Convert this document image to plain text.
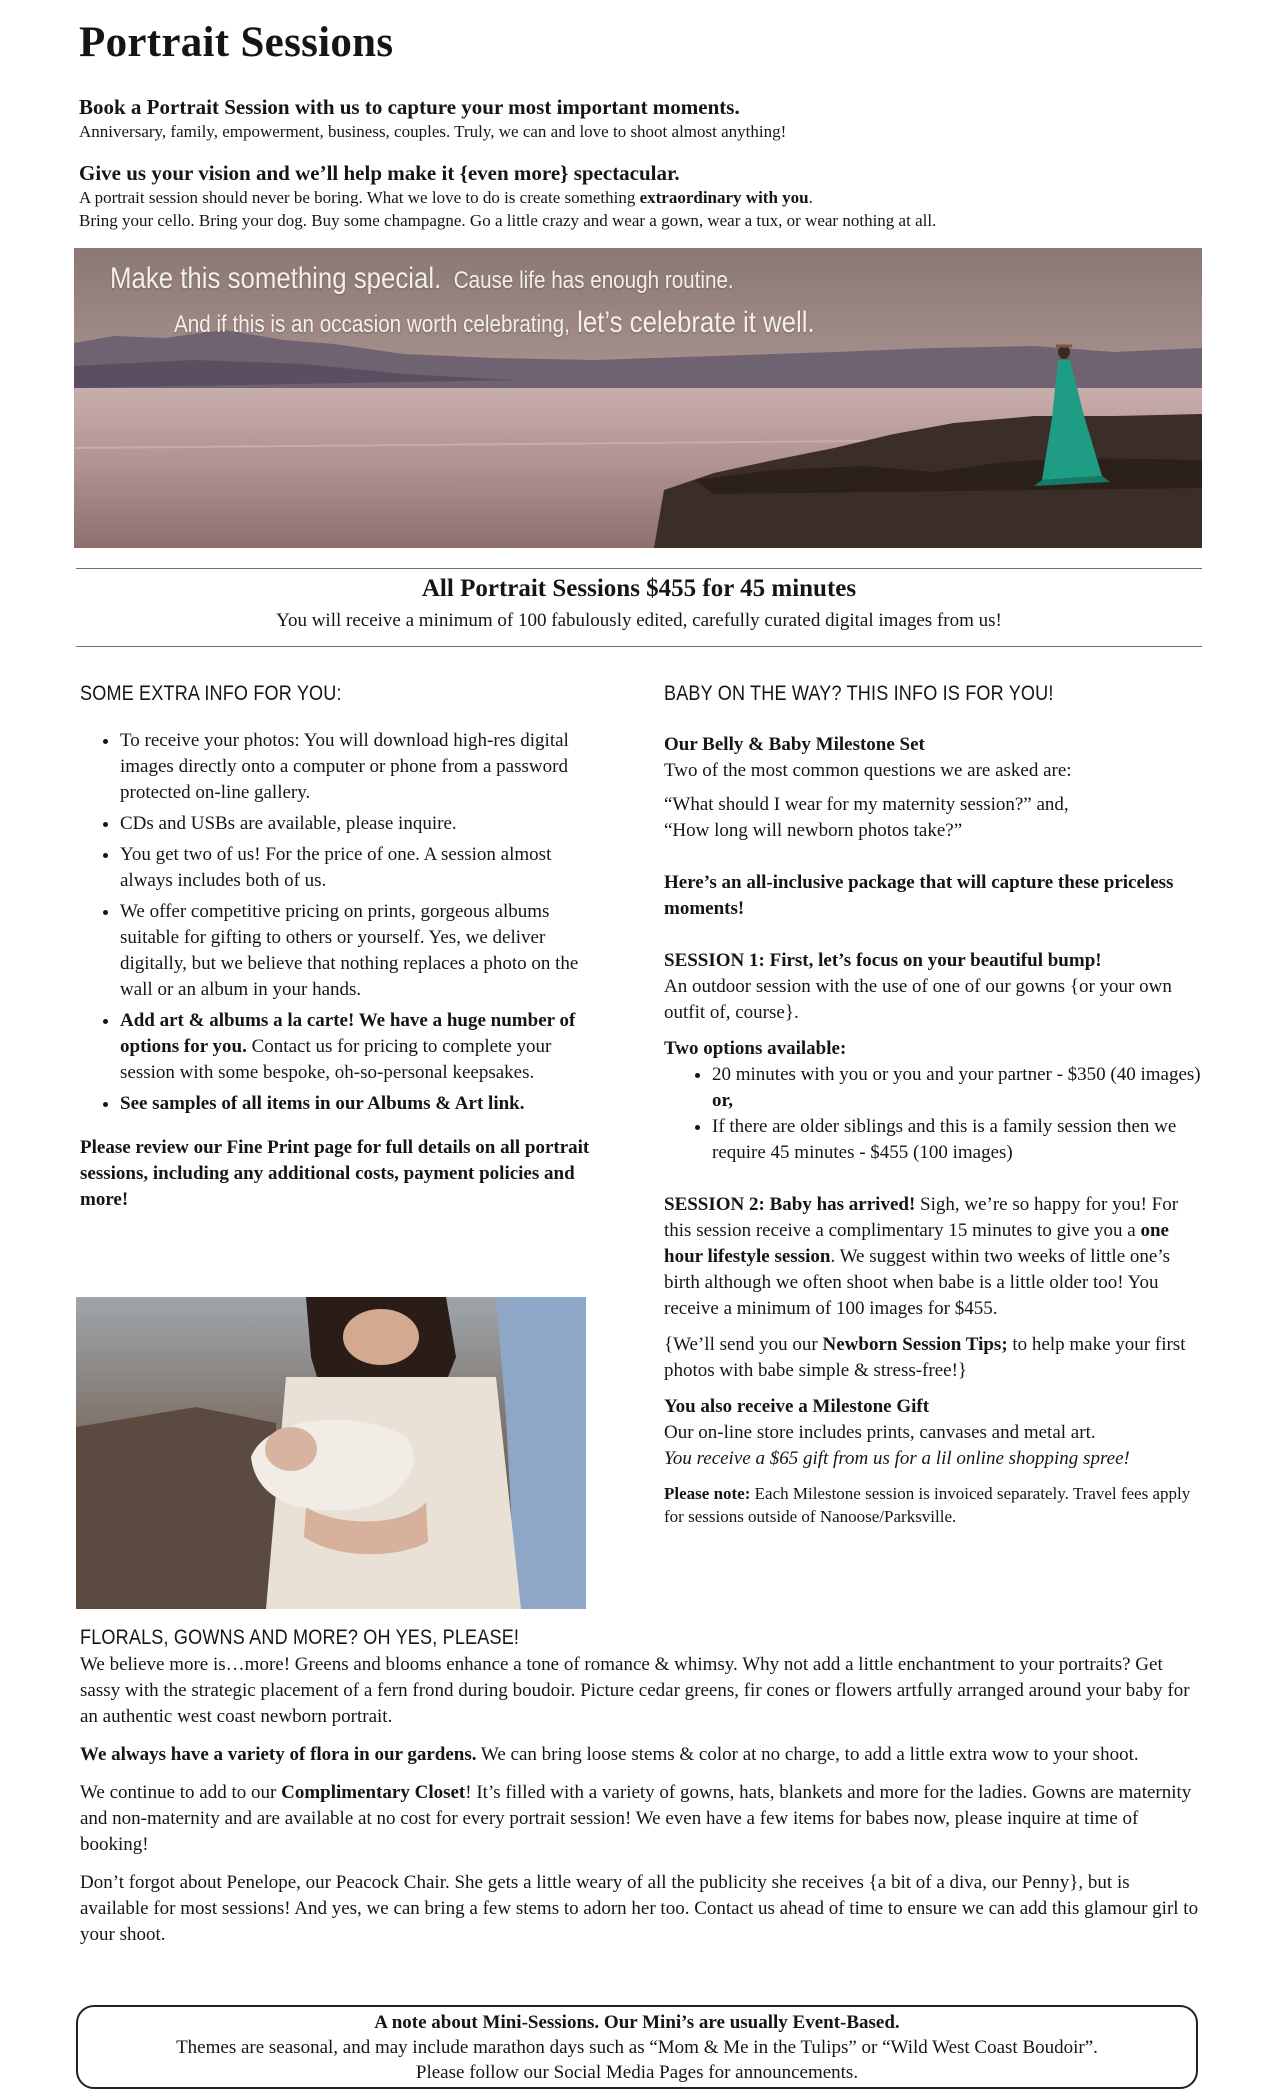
Portrait Sessions

Book a Portrait Session with us to capture your most important moments.

Anniversary, family, empowerment, business, couples. Truly, we can and love to shoot almost anything!

Give us your vision and we’ll help make it {even more} spectacular.

A portrait session should never be boring. What we love to do is create something extraordinary with you.

Bring your cello. Bring your dog. Buy some champagne. Go a little crazy and wear a gown, wear a tux, or wear nothing at all.

Make this something special. Cause life has enough routine.
And if this is an occasion worth celebrating, let’s celebrate it well.
All Portrait Sessions $455 for 45 minutes
You will receive a minimum of 100 fabulously edited, carefully curated digital images from us!
SOME EXTRA INFO FOR YOU:
• To receive your photos: You will download high-res digital images directly onto a computer or phone from a password protected on-line gallery.
• CDs and USBs are available, please inquire.
• You get two of us! For the price of one. A session almost always includes both of us.
• We offer competitive pricing on prints, gorgeous albums suitable for gifting to others or yourself. Yes, we deliver digitally, but we believe that nothing replaces a photo on the wall or an album in your hands.
• Add art & albums a la carte! We have a huge number of options for you. Contact us for pricing to complete your session with some bespoke, oh-so-personal keepsakes.
• See samples of all items in our Albums & Art link.

Please review our Fine Print page for full details on all portrait sessions, including any additional costs, payment policies and more!

BABY ON THE WAY? THIS INFO IS FOR YOU!

Our Belly & Baby Milestone Set

Two of the most common questions we are asked are:

“What should I wear for my maternity session?” and,

“How long will newborn photos take?”

Here’s an all-inclusive package that will capture these priceless moments!

SESSION 1: First, let’s focus on your beautiful bump!

An outdoor session with the use of one of our gowns {or your own outfit of, course}.

Two options available:

• 20 minutes with you or you and your partner - $350 (40 images) or,
• If there are older siblings and this is a family session then we require 45 minutes - $455 (100 images)

SESSION 2: Baby has arrived! Sigh, we’re so happy for you! For this session receive a complimentary 15 minutes to give you a one hour lifestyle session. We suggest within two weeks of little one’s birth although we often shoot when babe is a little older too! You receive a minimum of 100 images for $455.

{We’ll send you our Newborn Session Tips; to help make your first photos with babe simple & stress-free!}

You also receive a Milestone Gift

Our on-line store includes prints, canvases and metal art.

You receive a $65 gift from us for a lil online shopping spree!

Please note: Each Milestone session is invoiced separately. Travel fees apply for sessions outside of Nanoose/Parksville.

FLORALS, GOWNS AND MORE? OH YES, PLEASE!

We believe more is…more! Greens and blooms enhance a tone of romance & whimsy. Why not add a little enchantment to your portraits? Get sassy with the strategic placement of a fern frond during boudoir. Picture cedar greens, fir cones or flowers artfully arranged around your baby for an authentic west coast newborn portrait.

We always have a variety of flora in our gardens. We can bring loose stems & color at no charge, to add a little extra wow to your shoot.

We continue to add to our Complimentary Closet! It’s filled with a variety of gowns, hats, blankets and more for the ladies. Gowns are maternity and non-maternity and are available at no cost for every portrait session! We even have a few items for babes now, please inquire at time of booking!

Don’t forgot about Penelope, our Peacock Chair. She gets a little weary of all the publicity she receives {a bit of a diva, our Penny}, but is available for most sessions! And yes, we can bring a few stems to adorn her too. Contact us ahead of time to ensure we can add this glamour girl to your shoot.

A note about Mini-Sessions. Our Mini’s are usually Event-Based.
Themes are seasonal, and may include marathon days such as “Mom & Me in the Tulips” or “Wild West Coast Boudoir”.
Please follow our Social Media Pages for announcements.
